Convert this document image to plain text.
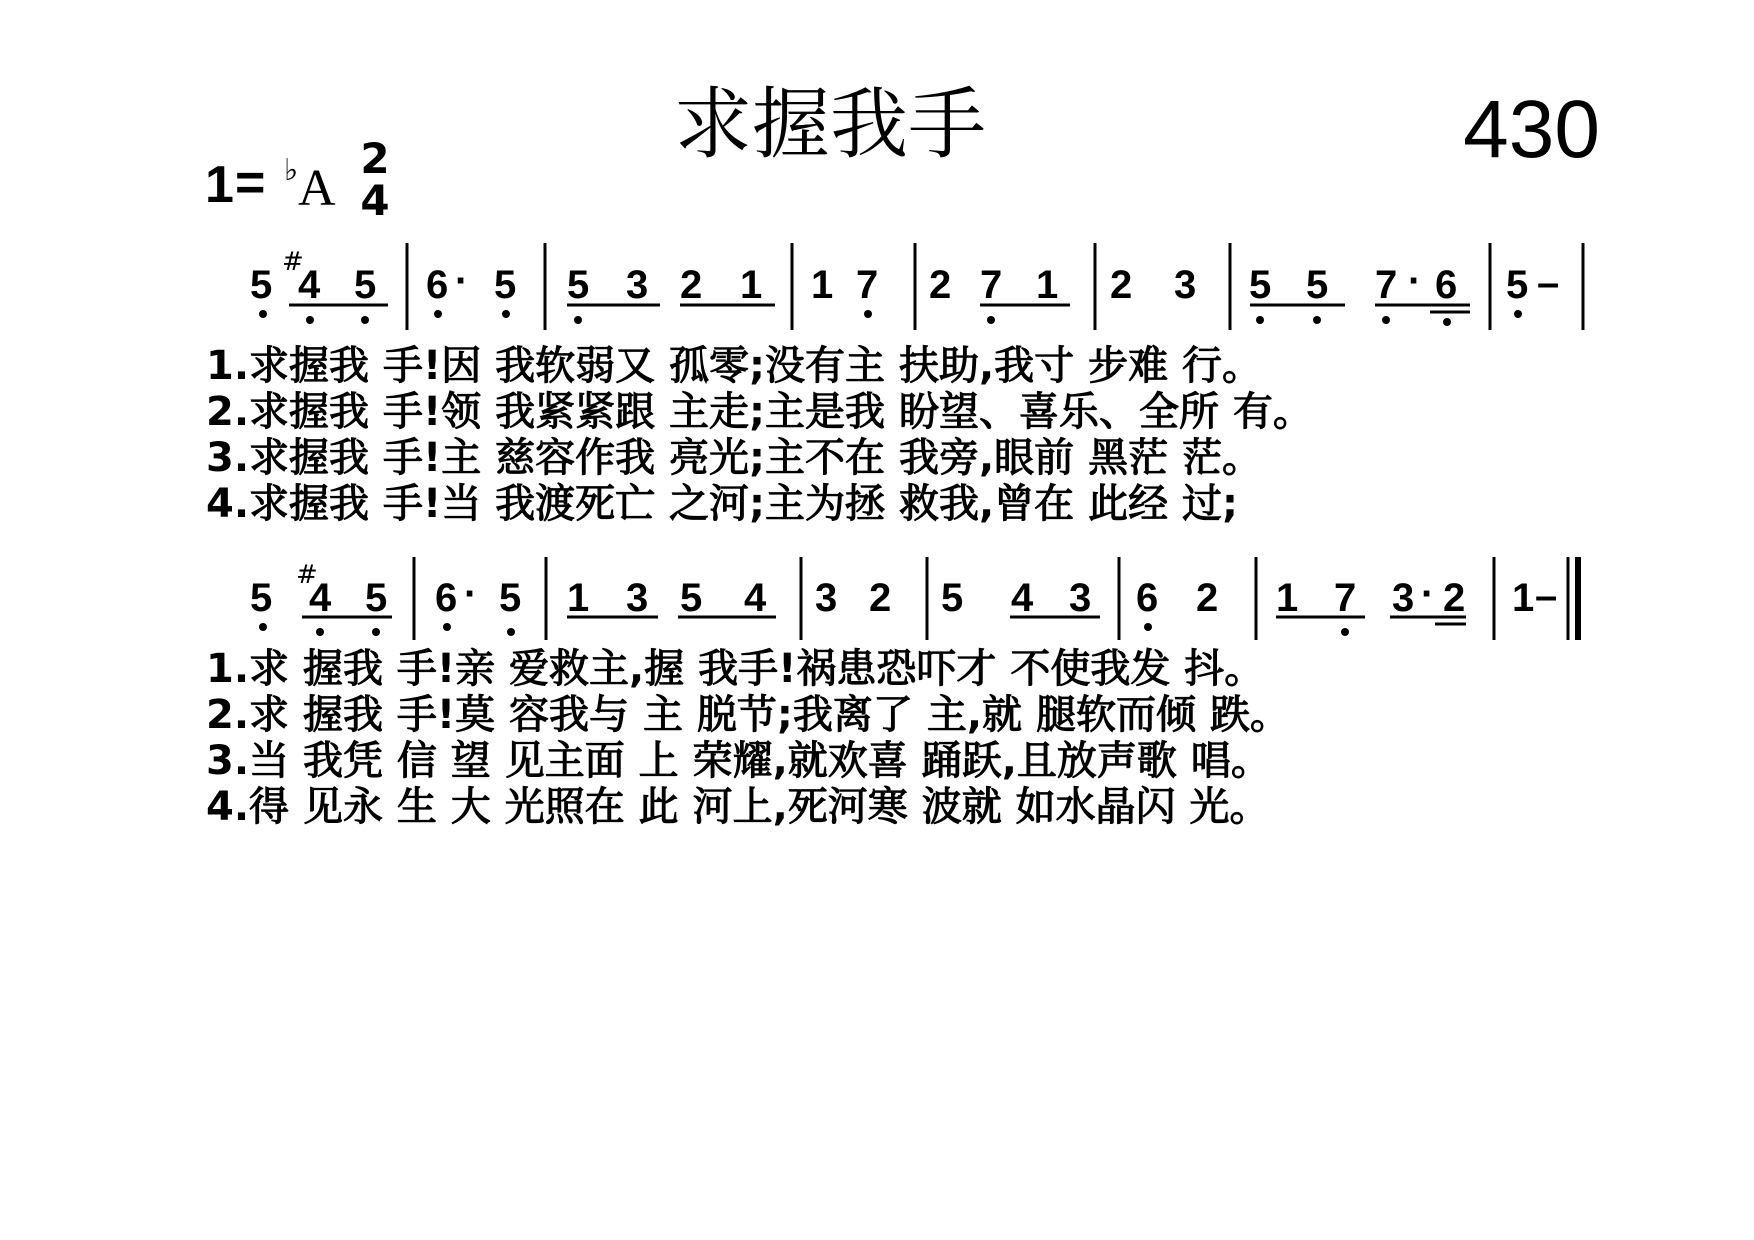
求握我手	430
1 = ♭ A
2
4
5
#
4 5 6 · 5 5 3 2 1 1 7 2 7 1 2 3 5 5 7 · 6 5 –
5
#
4 5 6 · 5 1 3 5 4 3 2 5 4 3 6 2 1 7 3 · 2 1 –
1.求握我 手!因 我软弱又 孤零;没有主 扶助,我寸 步难 行。
2.求握我 手!领 我紧紧跟 主走;主是我 盼望、喜乐、全所 有。
3.求握我 手!主 慈容作我 亮光;主不在 我旁,眼前 黑茫 茫。
4.求握我 手!当 我渡死亡 之河;主为拯 救我,曾在 此经 过;
1.求 握我 手!亲 爱救主,握 我手!祸患恐吓才 不使我发 抖。
2.求 握我 手!莫 容我与 主 脱节;我离了 主,就 腿软而倾 跌。
3.当 我凭 信 望 见主面 上 荣耀,就欢喜 踊跃,且放声歌 唱。
4.得 见永 生 大 光照在 此 河上,死河寒 波就 如水晶闪 光。
